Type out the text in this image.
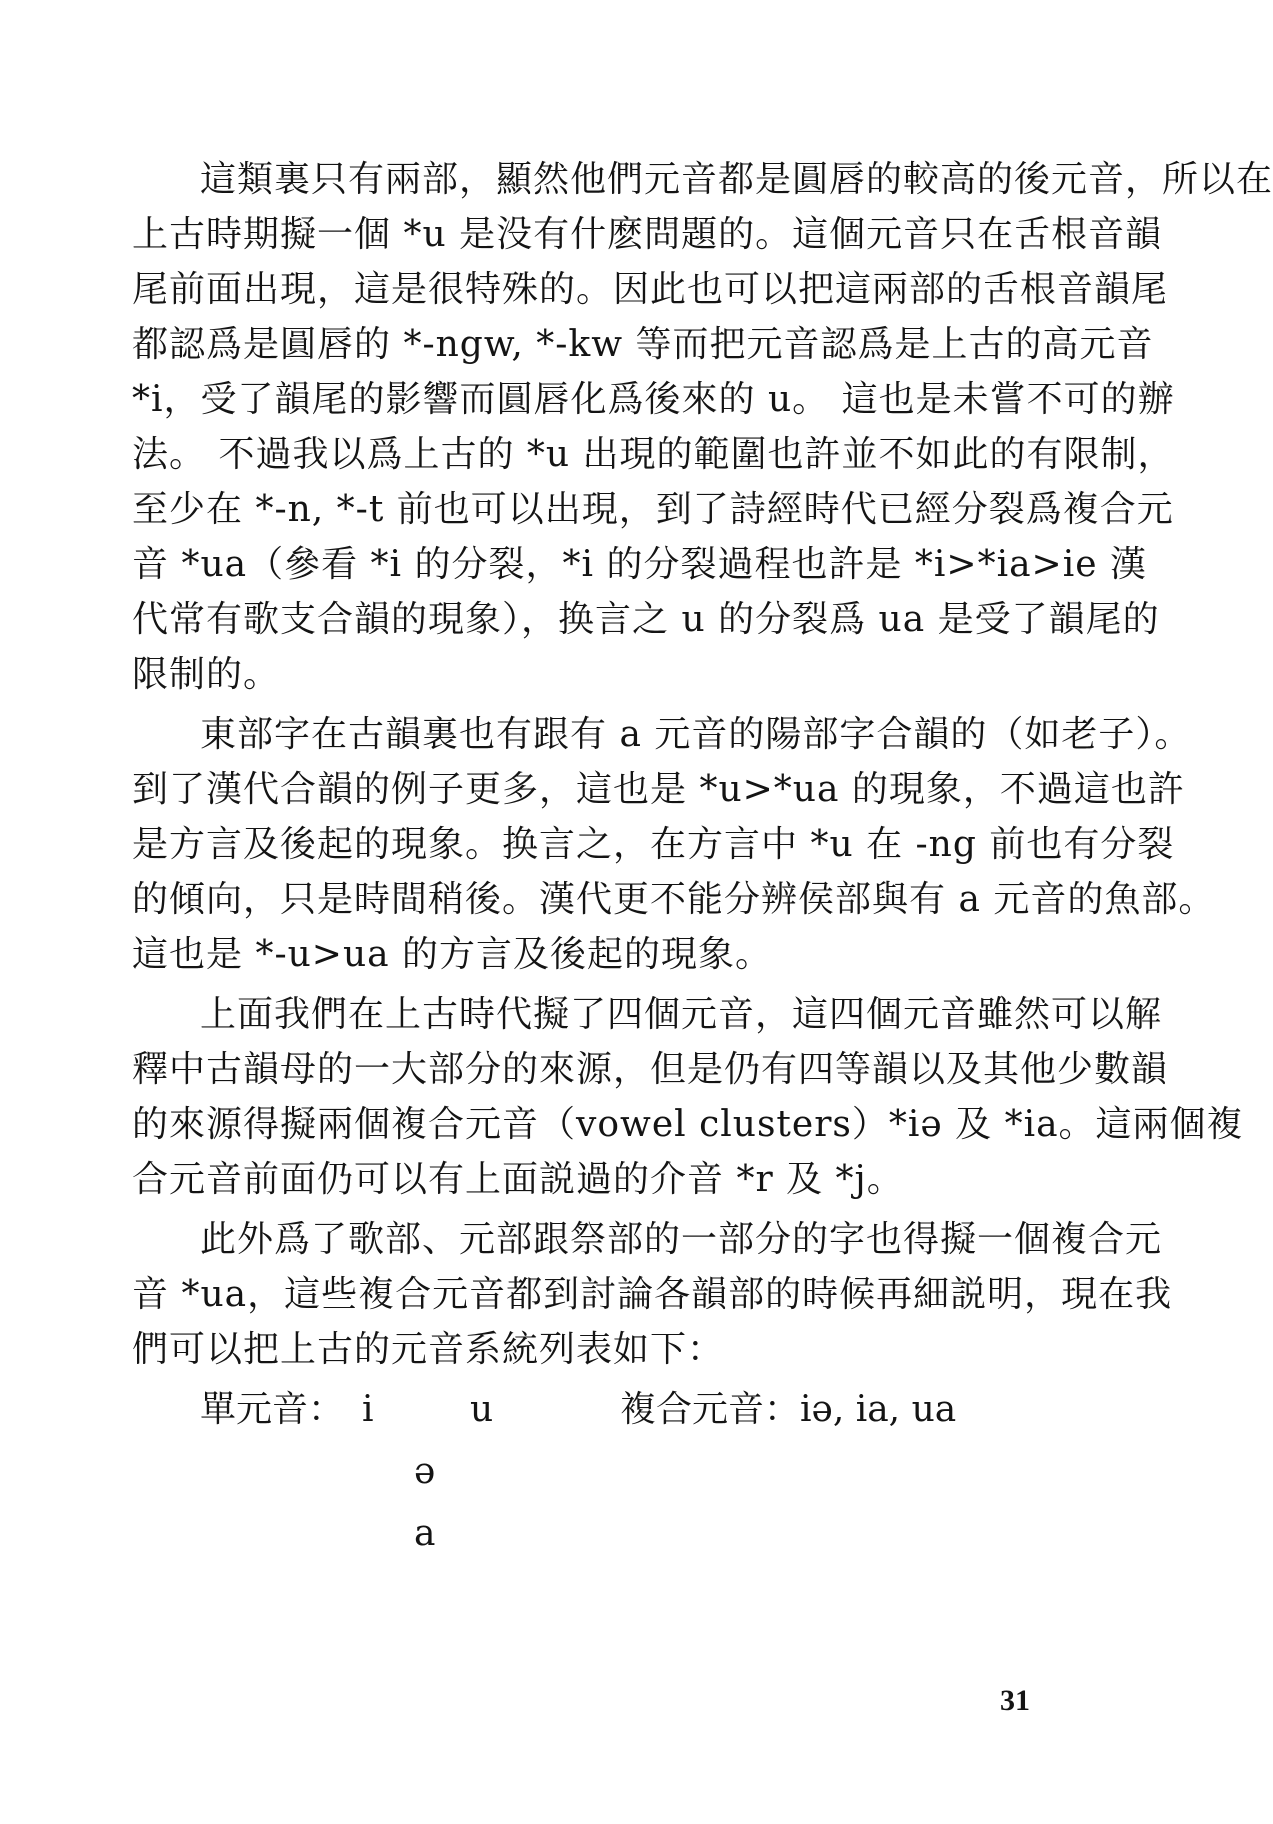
這類裏只有兩部，顯然他們元音都是圓唇的較高的後元音，所以在
上古時期擬一個 *u 是没有什麽問題的。這個元音只在舌根音韻
尾前面出現，這是很特殊的。因此也可以把這兩部的舌根音韻尾
都認爲是圓唇的 *-ngw, *-kw 等而把元音認爲是上古的高元音
*i，受了韻尾的影響而圓唇化爲後來的 u。 這也是未嘗不可的辦
法。 不過我以爲上古的 *u 出現的範圍也許並不如此的有限制，
至少在 *-n, *-t 前也可以出現，到了詩經時代已經分裂爲複合元
音 *ua（參看 *i 的分裂，*i 的分裂過程也許是 *i>*ia>ie 漢
代常有歌支合韻的現象），换言之 u 的分裂爲 ua 是受了韻尾的
限制的。
東部字在古韻裏也有跟有 a 元音的陽部字合韻的（如老子）。
到了漢代合韻的例子更多，這也是 *u>*ua 的現象，不過這也許
是方言及後起的現象。换言之，在方言中 *u 在 -ng 前也有分裂
的傾向，只是時間稍後。漢代更不能分辨侯部與有 a 元音的魚部。
這也是 *-u>ua 的方言及後起的現象。
上面我們在上古時代擬了四個元音，這四個元音雖然可以解
釋中古韻母的一大部分的來源，但是仍有四等韻以及其他少數韻
的來源得擬兩個複合元音（vowel clusters）*iə 及 *ia。這兩個複
合元音前面仍可以有上面説過的介音 *r 及 *j。
此外爲了歌部、元部跟祭部的一部分的字也得擬一個複合元
音 *ua，這些複合元音都到討論各韻部的時候再細説明，現在我
們可以把上古的元音系統列表如下：
單元音： i	u	複合元音： iə, ia, ua
ə
a
31
